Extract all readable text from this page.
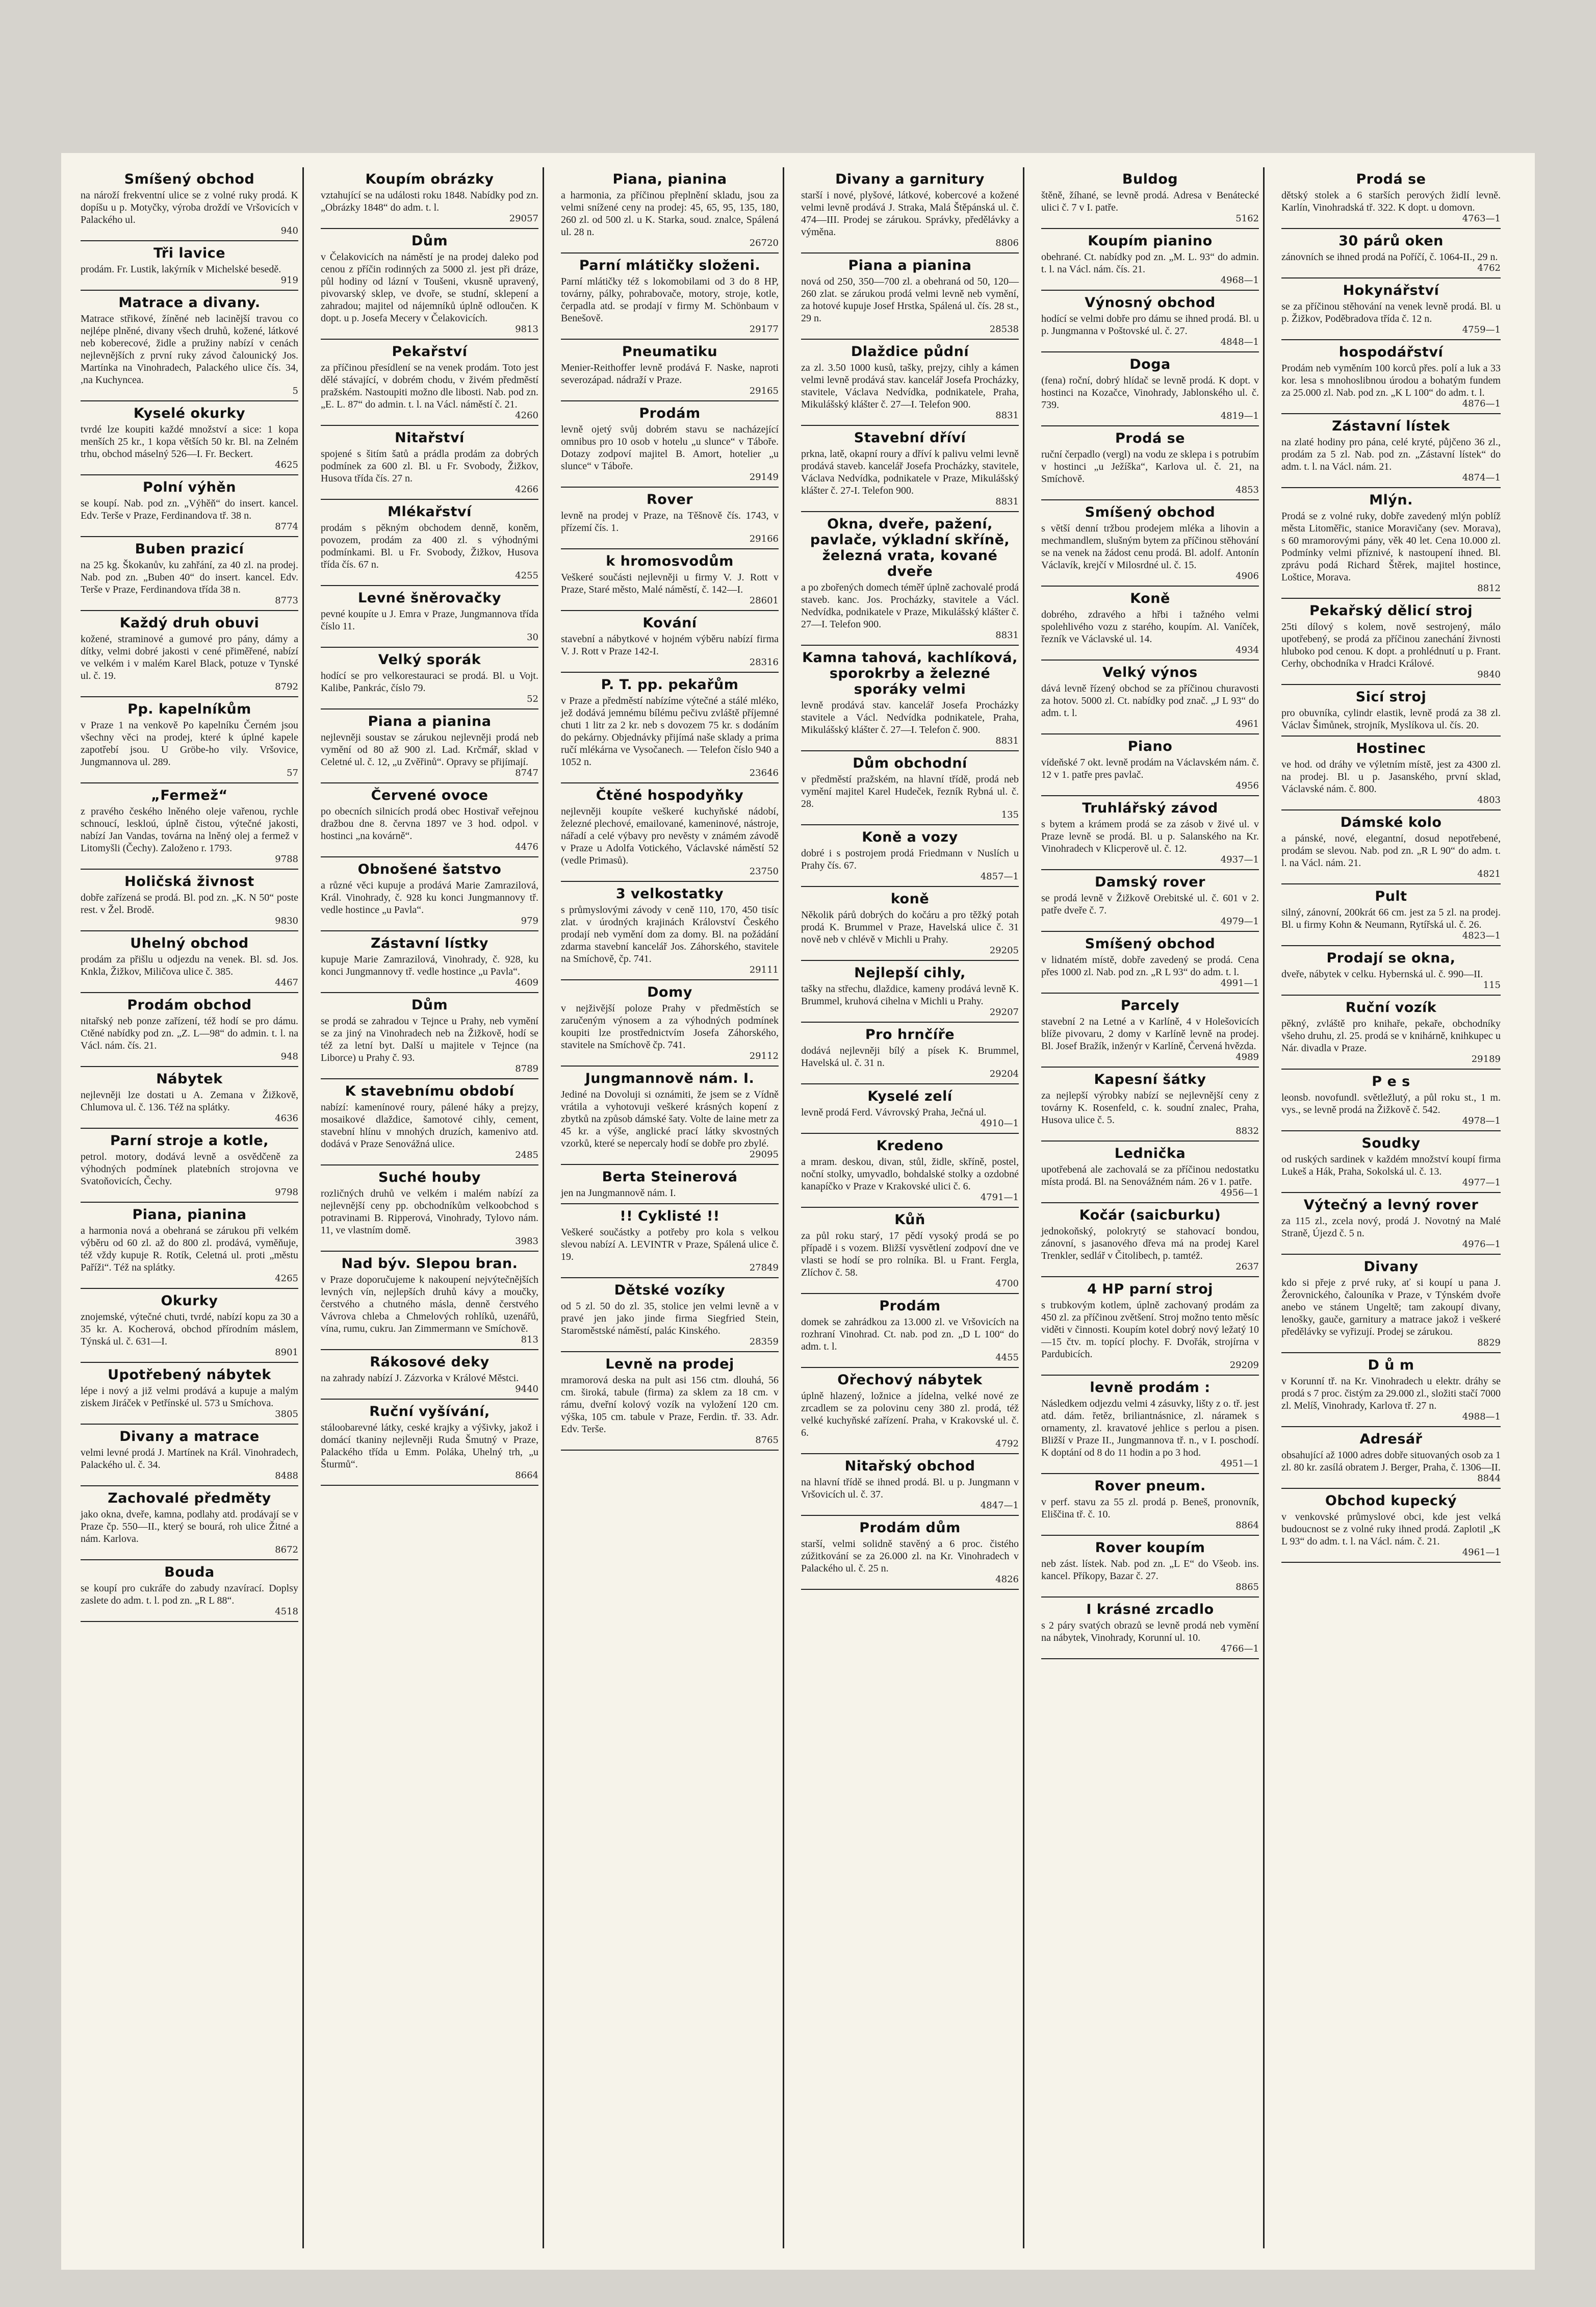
Smíšený obchod

na nároží frekventní ulice se z volné ruky prodá. K dopíšu u p. Motyčky, výroba droždí ve Vršovicích v Palackého ul.

940
Tři lavice

prodám. Fr. Lustik, lakýrník v Michelské besedě.

919
Matrace a divany.

Matrace střikové, žíněné neb lacinější travou co nejlépe plněné, divany všech druhů, kožené, látkové neb koberecové, židle a pružiny nabízí v cenách nejlevnějších z první ruky závod čalounický Jos. Martínka na Vinohradech, Palackého ulice čís. 34, ,na Kuchyncea.

5
Kyselé okurky

tvrdé lze koupiti každé množství a sice: 1 kopa menších 25 kr., 1 kopa větších 50 kr. Bl. na Zelném trhu, obchod máselný 526—I. Fr. Beckert.

4625
Polní výhěn

se koupí. Nab. pod zn. „Výhěň“ do insert. kancel. Edv. Terše v Praze, Ferdinandova tř. 38 n.

8774
Buben prazicí

na 25 kg. Škokanův, ku zahřání, za 40 zl. na prodej. Nab. pod zn. „Buben 40“ do insert. kancel. Edv. Terše v Praze, Ferdinandova třída 38 n.

8773
Každý druh obuvi

kožené, straminové a gumové pro pány, dámy a dítky, velmi dobré jakosti v cené přiměřené, nabízí ve velkém i v malém Karel Black, potuze v Tynské ul. č. 19.

8792
Pp. kapelníkům

v Praze 1 na venkově Po kapelníku Černém jsou všechny věci na prodej, které k úplné kapele zapotřebí jsou. U Gröbe-ho vily. Vršovice, Jungmannova ul. 289.

57
„Fermež“

z pravého českého lněného oleje vařenou, rychle schnoucí, leskloú, úplně čistou, výtečné jakosti, nabízí Jan Vandas, továrna na lněný olej a fermež v Litomyšli (Čechy). Založeno r. 1793.

9788
Holičská živnost

dobře zařízená se prodá. Bl. pod zn. „K. N 50“ poste rest. v Žel. Brodě.

9830
Uhelný obchod

prodám za přišlu u odjezdu na venek. Bl. sd. Jos. Knkla, Žižkov, Miličova ulice č. 385.

4467
Prodám obchod

nitařský neb ponze zařízení, též hodí se pro dámu. Ctěné nabídky pod zn. „Z. L—98“ do admin. t. l. na Václ. nám. čís. 21.

948
Nábytek

nejlevněji lze dostati u A. Zemana v Žižkově, Chlumova ul. č. 136. Též na splátky.

4636
Parní stroje a kotle,

petrol. motory, dodává levně a osvědčeně za výhodných podmínek platebních strojovna ve Svatoňovicích, Čechy.

9798
Piana, pianina

a harmonia nová a obehraná se zárukou při velkém výběru od 60 zl. až do 800 zl. prodává, vyměňuje, též vždy kupuje R. Rotík, Celetná ul. proti „městu Paříži“. Též na splátky.

4265
Okurky

znojemské, výtečné chuti, tvrdé, nabízí kopu za 30 a 35 kr. A. Kocherová, obchod přírodním máslem, Týnská ul. č. 631—I.

8901
Upotřebený nábytek

lépe i nový a již velmi prodává a kupuje a malým ziskem Jiráček v Petřínské ul. 573 u Smíchova.

3805
Divany a matrace

velmi levné prodá J. Martínek na Král. Vinohradech, Palackého ul. č. 34.

8488
Zachovalé předměty

jako okna, dveře, kamna, podlahy atd. prodávají se v Praze čp. 550—II., který se bourá, roh ulice Žitné a nám. Karlova.

8672
Bouda

se koupí pro cukráře do zabudy nzavírací. Doplsy zaslete do adm. t. l. pod zn. „R L 88“.

4518
Koupím obrázky

vztahující se na události roku 1848. Nabídky pod zn. „Obrázky 1848“ do adm. t. l.

29057
Dům

v Čelakovicích na náměstí je na prodej daleko pod cenou z příčin rodinných za 5000 zl. jest při dráze, půl hodiny od lázní v Toušeni, vkusně upravený, pivovarský sklep, ve dvoře, se studní, sklepení a zahradou; majitel od nájemníků úplně odloučen. K dopt. u p. Josefa Mecery v Čelakovicích.

9813
Pekařství

za příčinou přesídlení se na venek prodám. Toto jest dělé stávající, v dobrém chodu, v živém předměstí pražském. Nastoupiti možno dle libosti. Nab. pod zn. „E. L. 87“ do admin. t. l. na Václ. náměstí č. 21.

4260
Nitařství

spojené s šitím šatů a prádla prodám za dobrých podmínek za 600 zl. Bl. u Fr. Svobody, Žižkov, Husova třída čís. 27 n.

4266
Mlékařství

prodám s pěkným obchodem denně, koněm, povozem, prodám za 400 zl. s výhodnými podmínkami. Bl. u Fr. Svobody, Žižkov, Husova třída čís. 67 n.

4255
Levné šněrovačky

pevné koupíte u J. Emra v Praze, Jungmannova třída číslo 11.

30
Velký sporák

hodící se pro velkorestauraci se prodá. Bl. u Vojt. Kalibe, Pankrác, číslo 79.

52
Piana a pianina

nejlevněji soustav se zárukou nejlevněji prodá neb vymění od 80 až 900 zl. Lad. Krčmář, sklad v Celetné ul. č. 12, „u Zvěřinů“. Opravy se přijímají.

8747
Červené ovoce

po obecních silnicích prodá obec Hostivař veřejnou dražbou dne 8. června 1897 ve 3 hod. odpol. v hostinci „na kovárně“.

4476
Obnošené šatstvo

a různé věci kupuje a prodává Marie Zamrazilová, Král. Vinohrady, č. 928 ku konci Jungmannovy tř. vedle hostince „u Pavla“.

979
Zástavní lístky

kupuje Marie Zamrazilová, Vinohrady, č. 928, ku konci Jungmannovy tř. vedle hostince „u Pavla“.

4609
Dům

se prodá se zahradou v Tejnce u Prahy, neb vymění se za jiný na Vinohradech neb na Žižkově, hodí se též za letní byt. Další u majitele v Tejnce (na Liborce) u Prahy č. 93.

8789
K stavebnímu období

nabízí: kamenínové roury, pálené háky a prejzy, mosaikové dlaždice, šamotové cihly, cement, stavební hlínu v mnohých druzích, kamenivo atd. dodává v Praze Senovážná ulice.

2485
Suché houby

rozličných druhů ve velkém i malém nabízí za nejlevnější ceny pp. obchodníkům velkoobchod s potravinami B. Ripperová, Vinohrady, Tylovo nám. 11, ve vlastním domě.

3983
Nad býv. Slepou bran.

v Praze doporučujeme k nakoupení nejvýtečnějších levných vín, nejlepších druhů kávy a moučky, čerstvého a chutného másla, denně čerstvého Vávrova chleba a Chmelových rohlíků, uzenářů, vína, rumu, cukru. Jan Zimmermann ve Smíchově.

813
Rákosové deky

na zahrady nabízí J. Zázvorka v Králové Městci.

9440
Ruční vyšívání,

stáloobarevné látky, ceské krajky a výšivky, jakož i domácí tkaniny nejlevněji Ruda Šmutný v Praze, Palackého třída u Emm. Poláka, Uhelný trh, „u Šturmů“.

8664
Piana, pianina

a harmonia, za příčinou přeplnění skladu, jsou za velmi snížené ceny na prodej: 45, 65, 95, 135, 180, 260 zl. od 500 zl. u K. Starka, soud. znalce, Spálená ul. 28 n.

26720
Parní mlátičky složeni.

Parní mlátičky též s lokomobilami od 3 do 8 HP, továrny, pálky, pohrabovače, motory, stroje, kotle, čerpadla atd. se prodají v firmy M. Schönbaum v Benešově.

29177
Pneumatiku

Menier-Reithoffer levně prodává F. Naske, naproti severozápad. nádraží v Praze.

29165
Prodám

levně ojetý svůj dobrém stavu se nacházející omnibus pro 10 osob v hotelu „u slunce“ v Táboře. Dotazy zodpoví majitel B. Amort, hotelier „u slunce“ v Táboře.

29149
Rover

levně na prodej v Praze, na Těšnově čís. 1743, v přízemí čís. 1.

29166
k hromosvodům

Veškeré součásti nejlevněji u firmy V. J. Rott v Praze, Staré město, Malé náměstí, č. 142—I.

28601
Kování

stavební a nábytkové v hojném výběru nabízí firma V. J. Rott v Praze 142-I.

28316
P. T. pp. pekařům

v Praze a předměstí nabízíme výtečné a stálé mléko, jež dodává jemnému bílému pečivu zvláště příjemné chuti 1 litr za 2 kr. neb s dovozem 75 kr. s dodáním do pekárny. Objednávky přijímá naše sklady a prima ručí mlékárna ve Vysočanech. — Telefon číslo 940 a 1052 n.

23646
Čtěné hospodyňky

nejlevněji koupíte veškeré kuchyňské nádobí, železné plechové, emailované, kameninové, nástroje, nářadí a celé výbavy pro nevěsty v známém závodě v Praze u Adolfa Votického, Václavské náměstí 52 (vedle Primasů).

23750
3 velkostatky

s průmyslovými závody v ceně 110, 170, 450 tisíc zlat. v úrodných krajinách Království Českého prodají neb vymění dom za domy. Bl. na požádání zdarma stavební kancelář Jos. Záhorského, stavitele na Smíchově, čp. 741.

29111
Domy

v nejživější poloze Prahy v předměstích se zaručeným výnosem a za výhodných podmínek koupiti lze prostřednictvím Josefa Záhorského, stavitele na Smíchově čp. 741.

29112
Jungmannově nám. I.

Jediné na Dovoluji si oznámiti, že jsem se z Vídně vrátila a vyhotovuji veškeré krásných kopení z zbytků na způsob dámské šaty. Volte de laine metr za 45 kr. a výše, anglické prací látky skvostných vzorků, které se nepercaly hodí se dobře pro zbylé.

29095
Berta Steinerová

jen na Jungmannově nám. I.

!! Cyklisté !!

Veškeré součástky a potřeby pro kola s velkou slevou nabízí A. LEVINTR v Praze, Spálená ulice č. 19.

27849
Dětské vozíky

od 5 zl. 50 do zl. 35, stolice jen velmi levně a v pravé jen jako jinde firma Siegfried Stein, Staroměstské náměstí, palác Kinského.

28359
Levně na prodej

mramorová deska na pult asi 156 ctm. dlouhá, 56 cm. široká, tabule (firma) za sklem za 18 cm. v rámu, dveřní kolový vozík na vyložení 120 cm. výška, 105 cm. tabule v Praze, Ferdin. tř. 33. Adr. Edv. Terše.

8765
Divany a garnitury

starší i nové, plyšové, látkové, kobercové a kožené velmi levně prodává J. Straka, Malá Štěpánská ul. č. 474—III. Prodej se zárukou. Správky, předělávky a výměna.

8806
Piana a pianina

nová od 250, 350—700 zl. a obehraná od 50, 120—260 zlat. se zárukou prodá velmi levně neb vymění, za hotové kupuje Josef Hrstka, Spálená ul. čís. 28 st., 29 n.

28538
Dlaždice půdní

za zl. 3.50 1000 kusů, tašky, prejzy, cihly a kámen velmi levně prodává stav. kancelář Josefa Procházky, stavitele, Václava Nedvídka, podnikatele, Praha, Mikulášský klášter č. 27—I. Telefon 900.

8831
Stavební dříví

prkna, latě, okapní roury a dříví k palivu velmi levně prodává staveb. kancelář Josefa Procházky, stavitele, Václava Nedvídka, podnikatele v Praze, Mikulášský klášter č. 27-I. Telefon 900.

8831
Okna, dveře, pažení, pavlače, výkladní skříně, železná vrata, kované dveře

a po zbořených domech téměř úplně zachovalé prodá staveb. kanc. Jos. Procházky, stavitele a Václ. Nedvídka, podnikatele v Praze, Mikulášský klášter č. 27—I. Telefon 900.

8831
Kamna tahová, kachlíková, sporokrby a železné sporáky velmi

levně prodává stav. kancelář Josefa Procházky stavitele a Václ. Nedvídka podnikatele, Praha, Mikulášský klášter č. 27—I. Telefon č. 900.

8831
Dům obchodní

v předměstí pražském, na hlavní třídě, prodá neb vymění majitel Karel Hudeček, řezník Rybná ul. č. 28.

135
Koně a vozy

dobré i s postrojem prodá Friedmann v Nuslích u Prahy čís. 67.

4857—1
koně

Několik párů dobrých do kočáru a pro těžký potah prodá K. Brummel v Praze, Havelská ulice č. 31 nově neb v chlévě v Michli u Prahy.

29205
Nejlepší cihly,

tašky na střechu, dlaždice, kameny prodává levně K. Brummel, kruhová cihelna v Michli u Prahy.

29207
Pro hrnčíře

dodává nejlevněji bílý a písek K. Brummel, Havelská ul. č. 31 n.

29204
Kyselé zelí

levně prodá Ferd. Vávrovský Praha, Ječná ul.

4910—1
Kredeno

a mram. deskou, divan, stůl, židle, skříně, postel, noční stolky, umyvadlo, bohdalské stolky a ozdobné kanapíčko v Praze v Krakovské ulici č. 6.

4791—1
Kůň

za půl roku starý, 17 pědí vysoký prodá se po případě i s vozem. Bližší vysvětlení zodpoví dne ve vlasti se hodí se pro rolníka. Bl. u Frant. Fergla, Zlíchov č. 58.

4700
Prodám

domek se zahrádkou za 13.000 zl. ve Vršovicích na rozhraní Vinohrad. Ct. nab. pod zn. „D L 100“ do adm. t. l.

4455
Ořechový nábytek

úplně hlazený, ložnice a jídelna, velké nové ze zrcadlem se za polovinu ceny 380 zl. prodá, též velké kuchyňské zařízení. Praha, v Krakovské ul. č. 6.

4792
Nitařský obchod

na hlavní třídě se ihned prodá. Bl. u p. Jungmann v Vršovicích ul. č. 37.

4847—1
Prodám dům

starší, velmi solidně stavěný a 6 proc. čistého zúžitkování se za 26.000 zl. na Kr. Vinohradech v Palackého ul. č. 25 n.

4826
Buldog

štěně, žíhané, se levně prodá. Adresa v Benátecké ulici č. 7 v I. patře.

5162
Koupím pianino

obehrané. Ct. nabídky pod zn. „M. L. 93“ do admin. t. l. na Václ. nám. čís. 21.

4968—1
Výnosný obchod

hodící se velmi dobře pro dámu se ihned prodá. Bl. u p. Jungmanna v Poštovské ul. č. 27.

4848—1
Doga

(fena) roční, dobrý hlídač se levně prodá. K dopt. v hostinci na Kozačce, Vinohrady, Jablonského ul. č. 739.

4819—1
Prodá se

ruční čerpadlo (vergl) na vodu ze sklepa i s potrubím v hostinci „u Ježíška“, Karlova ul. č. 21, na Smíchově.

4853
Smíšený obchod

s větší denní tržbou prodejem mléka a lihovin a mechmandlem, slušným bytem za příčinou stěhování se na venek na žádost cenu prodá. Bl. adolf. Antonín Václavík, krejčí v Milosrdné ul. č. 15.

4906
Koně

dobrého, zdravého a hřbi i tažného velmi spolehlivého vozu z starého, koupím. Al. Vaníček, řezník ve Václavské ul. 14.

4934
Velký výnos

dává levně řízený obchod se za příčinou churavosti za hotov. 5000 zl. Ct. nabídky pod znač. „J L 93“ do adm. t. l.

4961
Piano

vídeňské 7 okt. levně prodám na Václavském nám. č. 12 v 1. patře pres pavlač.

4956
Truhlářský závod

s bytem a krámem prodá se za zásob v živé ul. v Praze levně se prodá. Bl. u p. Salanského na Kr. Vinohradech v Klicperově ul. č. 12.

4937—1
Damský rover

se prodá levně v Žižkově Orebitské ul. č. 601 v 2. patře dveře č. 7.

4979—1
Smíšený obchod

v lidnatém místě, dobře zavedený se prodá. Cena přes 1000 zl. Nab. pod zn. „R L 93“ do adm. t. l.

4991—1
Parcely

stavební 2 na Letné a v Karlíně, 4 v Holešovicích blíže pivovaru, 2 domy v Karlíně levně na prodej. Bl. Josef Bražík, inženýr v Karlíně, Červená hvězda.

4989
Kapesní šátky

za nejlepší výrobky nabízí se nejlevnější ceny z továrny K. Rosenfeld, c. k. soudní znalec, Praha, Husova ulice č. 5.

8832
Lednička

upotřebená ale zachovalá se za příčinou nedostatku místa prodá. Bl. na Senovážném nám. 26 v 1. patře.

4956—1
Kočár (saicburku)

jednokoňský, polokrytý se stahovací bondou, zánovní, s jasanového dřeva má na prodej Karel Trenkler, sedlář v Čitolibech, p. tamtéž.

2637
4 HP parní stroj

s trubkovým kotlem, úplně zachovaný prodám za 450 zl. za příčinou zvětšení. Stroj možno tento měsíc viděti v činnosti. Koupím kotel dobrý nový ležatý 10—15 čtv. m. topící plochy. F. Dvořák, strojírna v Pardubicích.

29209
levně prodám :

Následkem odjezdu velmi 4 zásuvky, lišty z o. tř. jest atd. dám. řetěz, briliantnásnice, zl. náramek s ornamenty, zl. kravatové jehlice s perlou a pisen. Bližší v Praze II., Jungmannova tř. n., v I. poschodí. K doptání od 8 do 11 hodin a po 3 hod.

4951—1
Rover pneum.

v perf. stavu za 55 zl. prodá p. Beneš, pronovník, Eliščina tř. č. 10.

8864
Rover koupím

neb zást. lístek. Nab. pod zn. „L E“ do Všeob. ins. kancel. Příkopy, Bazar č. 27.

8865
I krásné zrcadlo

s 2 páry svatých obrazů se levně prodá neb vymění na nábytek, Vinohrady, Korunní ul. 10.

4766—1
Prodá se

dětský stolek a 6 starších perových židlí levně. Karlín, Vinohradská tř. 322. K dopt. u domovn.

4763—1
30 párů oken

zánovních se ihned prodá na Poříčí, č. 1064-II., 29 n.

4762
Hokynářství

se za příčinou stěhování na venek levně prodá. Bl. u p. Žižkov, Poděbradova třída č. 12 n.

4759—1
hospodářství

Prodám neb vyměním 100 korců přes. polí a luk a 33 kor. lesa s mnohoslibnou úrodou a bohatým fundem za 25.000 zl. Nab. pod zn. „K L 100“ do adm. t. l.

4876—1
Zástavní lístek

na zlaté hodiny pro pána, celé kryté, půjčeno 36 zl., prodám za 5 zl. Nab. pod zn. „Zástavní lístek“ do adm. t. l. na Václ. nám. 21.

4874—1
Mlýn.

Prodá se z volné ruky, dobře zavedený mlýn poblíž města Litoměřic, stanice Moravičany (sev. Morava), s 60 mramorovými pány, věk 40 let. Cena 10.000 zl. Podmínky velmi příznivé, k nastoupení ihned. Bl. zprávu podá Richard Štěrek, majitel hostince, Loštice, Morava.

8812
Pekařský dělicí stroj

25ti dílový s kolem, nově sestrojený, málo upotřebený, se prodá za příčinou zanechání živnosti hluboko pod cenou. K dopt. a prohlédnutí u p. Frant. Cerhy, obchodníka v Hradci Králové.

9840
Sicí stroj

pro obuvníka, cylindr elastik, levně prodá za 38 zl. Václav Šimůnek, strojník, Myslíkova ul. čís. 20.

Hostinec

ve hod. od dráhy ve výletním místě, jest za 4300 zl. na prodej. Bl. u p. Jasanského, první sklad, Václavské nám. č. 800.

4803
Dámské kolo

a pánské, nové, elegantní, dosud nepotřebené, prodám se slevou. Nab. pod zn. „R L 90“ do adm. t. l. na Václ. nám. 21.

4821
Pult

silný, zánovní, 200krát 66 cm. jest za 5 zl. na prodej. Bl. u firmy Kohn & Neumann, Rytířská ul. č. 26.

4823—1
Prodají se okna,

dveře, nábytek v celku. Hybernská ul. č. 990—II.

115
Ruční vozík

pěkný, zvláště pro knihaře, pekaře, obchodníky všeho druhu, zl. 25. prodá se v knihárně, knihkupec u Nár. divadla v Praze.

29189
P e s

leonsb. novofundl. světležlutý, a půl roku st., 1 m. vys., se levně prodá na Žižkově č. 542.

4978—1
Soudky

od ruských sardinek v každém množství koupí firma Lukeš a Hák, Praha, Sokolská ul. č. 13.

4977—1
Výtečný a levný rover

za 115 zl., zcela nový, prodá J. Novotný na Malé Straně, Újezd č. 5 n.

4976—1
Divany

kdo si přeje z prvé ruky, ať si koupí u pana J. Žerovnického, čalouníka v Praze, v Týnském dvoře anebo ve stánem Ungeltě; tam zakoupí divany, lenošky, gauče, garnitury a matrace jakož i veškeré předělávky se vyřizují. Prodej se zárukou.

8829
D ů m

v Korunní tř. na Kr. Vinohradech u elektr. dráhy se prodá s 7 proc. čistým za 29.000 zl., složiti stačí 7000 zl. Melíš, Vinohrady, Karlova tř. 27 n.

4988—1
Adresář

obsahující až 1000 adres dobře situovaných osob za 1 zl. 80 kr. zasílá obratem J. Berger, Praha, č. 1306—II.

8844
Obchod kupecký

v venkovské průmyslové obci, kde jest velká budoucnost se z volné ruky ihned prodá. Zaplotil „K L 93“ do adm. t. l. na Václ. nám. č. 21.

4961—1
